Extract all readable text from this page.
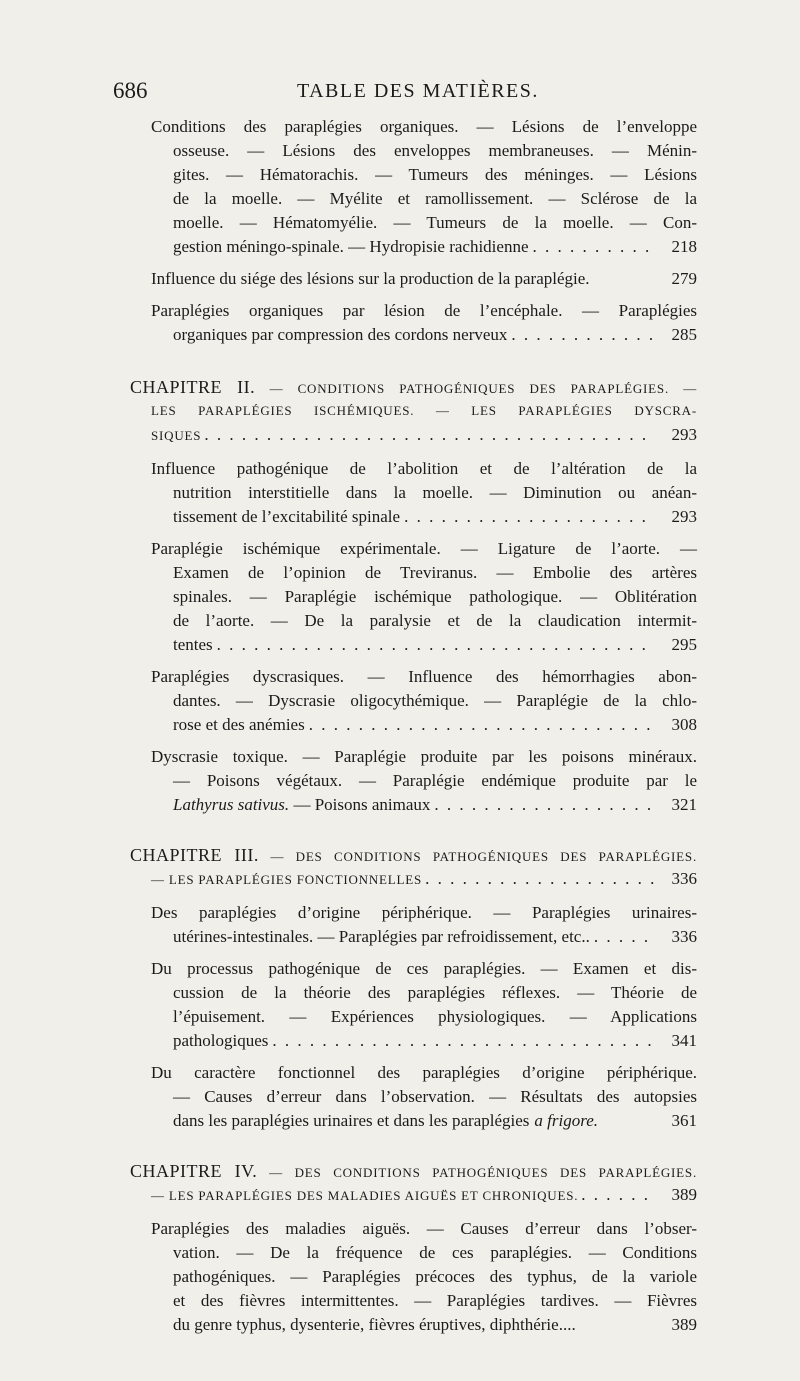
686	TABLE DES MATIÈRES.
Conditions des paraplégies organiques. — Lésions de l’enveloppe
osseuse. — Lésions des enveloppes membraneuses. — Ménin-
gites. — Hématorachis. — Tumeurs des méninges. — Lésions
de la moelle. — Myélite et ramollissement. — Sclérose de la
moelle. — Hématomyélie. — Tumeurs de la moelle. — Con-
gestion méningo-spinale. — Hydropisie rachidienne . . .	218
Influence du siége des lésions sur la production de la paraplégie.	279
Paraplégies organiques par lésion de l’encéphale. — Paraplégies
organiques par compression des cordons nerveux . . .	285
CHAPITRE II. — CONDITIONS PATHOGÉNIQUES DES PARAPLÉGIES. —
LES PARAPLÉGIES ISCHÉMIQUES. — LES PARAPLÉGIES DYSCRA-
SIQUES . . .	293
Influence pathogénique de l’abolition et de l’altération de la
nutrition interstitielle dans la moelle. — Diminution ou anéan-
tissement de l’excitabilité spinale . . .	293
Paraplégie ischémique expérimentale. — Ligature de l’aorte. —
Examen de l’opinion de Treviranus. — Embolie des artères
spinales. — Paraplégie ischémique pathologique. — Oblitération
de l’aorte. — De la paralysie et de la claudication intermit-
tentes . . .	295
Paraplégies dyscrasiques. — Influence des hémorrhagies abon-
dantes. — Dyscrasie oligocythémique. — Paraplégie de la chlo-
rose et des anémies . . .	308
Dyscrasie toxique. — Paraplégie produite par les poisons minéraux.
— Poisons végétaux. — Paraplégie endémique produite par le
Lathyrus sativus. — Poisons animaux . . .	321
CHAPITRE III. — DES CONDITIONS PATHOGÉNIQUES DES PARAPLÉGIES.
— LES PARAPLÉGIES FONCTIONNELLES . . .	336
Des paraplégies d’origine périphérique. — Paraplégies urinaires-
utérines-intestinales. — Paraplégies par refroidissement, etc.. . . .	336
Du processus pathogénique de ces paraplégies. — Examen et dis-
cussion de la théorie des paraplégies réflexes. — Théorie de
l’épuisement. — Expériences physiologiques. — Applications
pathologiques . . .	341
Du caractère fonctionnel des paraplégies d’origine périphérique.
— Causes d’erreur dans l’observation. — Résultats des autopsies
dans les paraplégies urinaires et dans les paraplégies a frigore.	361
CHAPITRE IV. — DES CONDITIONS PATHOGÉNIQUES DES PARAPLÉGIES.
— LES PARAPLÉGIES DES MALADIES AIGUËS ET CHRONIQUES. . . .	389
Paraplégies des maladies aiguës. — Causes d’erreur dans l’obser-
vation. — De la fréquence de ces paraplégies. — Conditions
pathogéniques. — Paraplégies précoces des typhus, de la variole
et des fièvres intermittentes. — Paraplégies tardives. — Fièvres
du genre typhus, dysenterie, fièvres éruptives, diphthérie....	389
